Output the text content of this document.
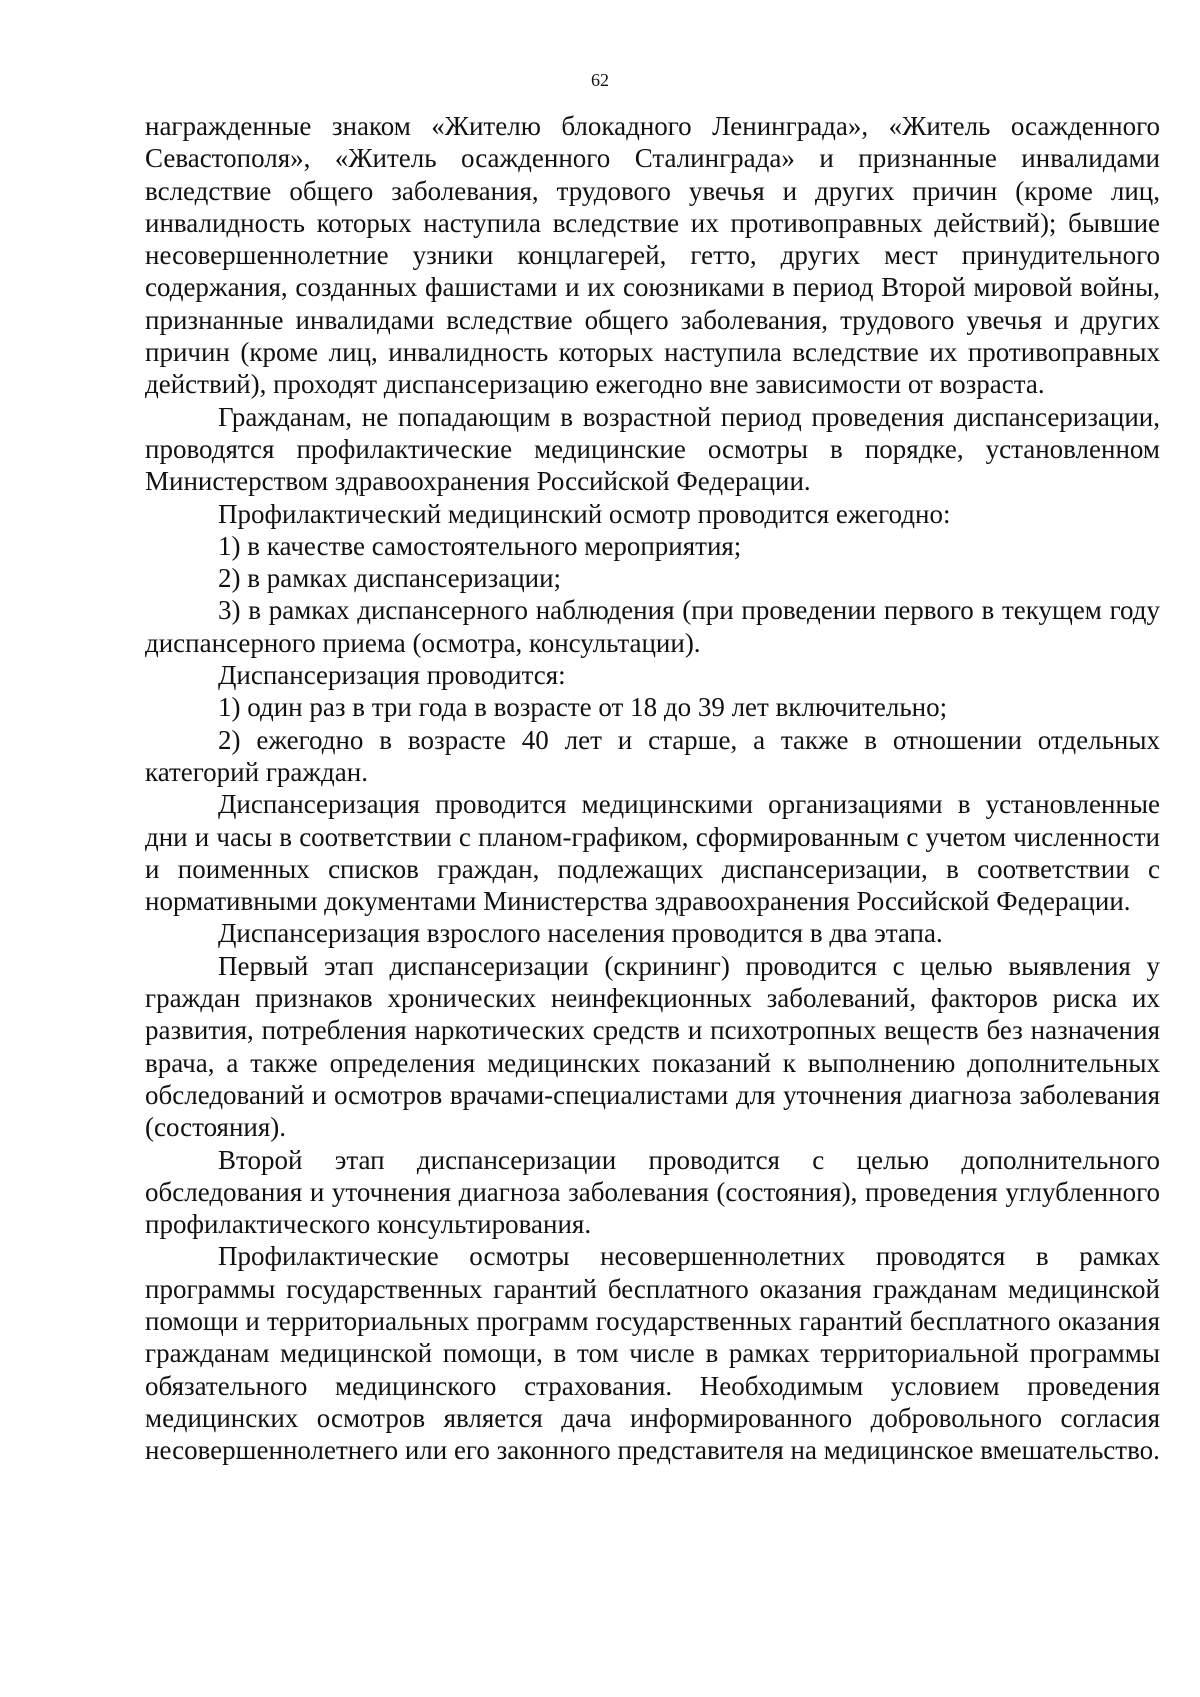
62

награжденные знаком «Жителю блокадного Ленинграда», «Житель осажденного Севастополя», «Житель осажденного Сталинграда» и признанные инвалидами вследствие общего заболевания, трудового увечья и других причин (кроме лиц, инвалидность которых наступила вследствие их противоправных действий); бывшие несовершеннолетние узники концлагерей, гетто, других мест принудительного содержания, созданных фашистами и их союзниками в период Второй мировой войны, признанные инвалидами вследствие общего заболевания, трудового увечья и других причин (кроме лиц, инвалидность которых наступила вследствие их противоправных действий), проходят диспансеризацию ежегодно вне зависимости от возраста.

Гражданам, не попадающим в возрастной период проведения диспансеризации, проводятся профилактические медицинские осмотры в порядке, установленном Министерством здравоохранения Российской Федерации.

Профилактический медицинский осмотр проводится ежегодно:

1) в качестве самостоятельного мероприятия;

2) в рамках диспансеризации;

3) в рамках диспансерного наблюдения (при проведении первого в текущем году диспансерного приема (осмотра, консультации).

Диспансеризация проводится:

1) один раз в три года в возрасте от 18 до 39 лет включительно;

2) ежегодно в возрасте 40 лет и старше, а также в отношении отдельных категорий граждан.

Диспансеризация проводится медицинскими организациями в установленные дни и часы в соответствии с планом-графиком, сформированным с учетом численности и поименных списков граждан, подлежащих диспансеризации, в соответствии с нормативными документами Министерства здравоохранения Российской Федерации.

Диспансеризация взрослого населения проводится в два этапа.

Первый этап диспансеризации (скрининг) проводится с целью выявления у граждан признаков хронических неинфекционных заболеваний, факторов риска их развития, потребления наркотических средств и психотропных веществ без назначения врача, а также определения медицинских показаний к выполнению дополнительных обследований и осмотров врачами-специалистами для уточнения диагноза заболевания (состояния).

Второй этап диспансеризации проводится с целью дополнительного обследования и уточнения диагноза заболевания (состояния), проведения углубленного профилактического консультирования.

Профилактические осмотры несовершеннолетних проводятся в рамках программы государственных гарантий бесплатного оказания гражданам медицинской помощи и территориальных программ государственных гарантий бесплатного оказания гражданам медицинской помощи, в том числе в рамках территориальной программы обязательного медицинского страхования. Необходимым условием проведения медицинских осмотров является дача информированного добровольного согласия несовершеннолетнего или его законного представителя на медицинское вмешательство.
